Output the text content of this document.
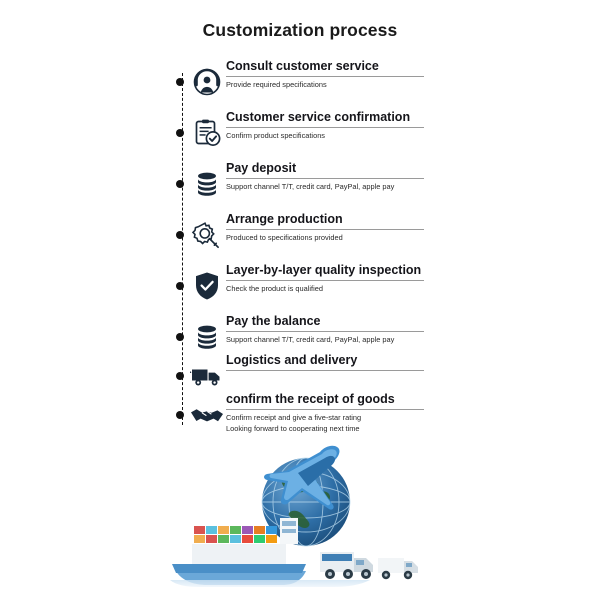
Customization process
Consult customer service
Provide required specifications
Customer service confirmation
Confirm product specifications
Pay deposit
Support channel T/T, credit card, PayPal, apple pay
Arrange production
Produced to specifications provided
Layer-by-layer quality inspection
Check the product is qualified
Pay the balance
Support channel T/T, credit card, PayPal, apple pay
Logistics and delivery
confirm the receipt of goods
Confirm receipt and give a five-star rating
Looking forward to cooperating next time
